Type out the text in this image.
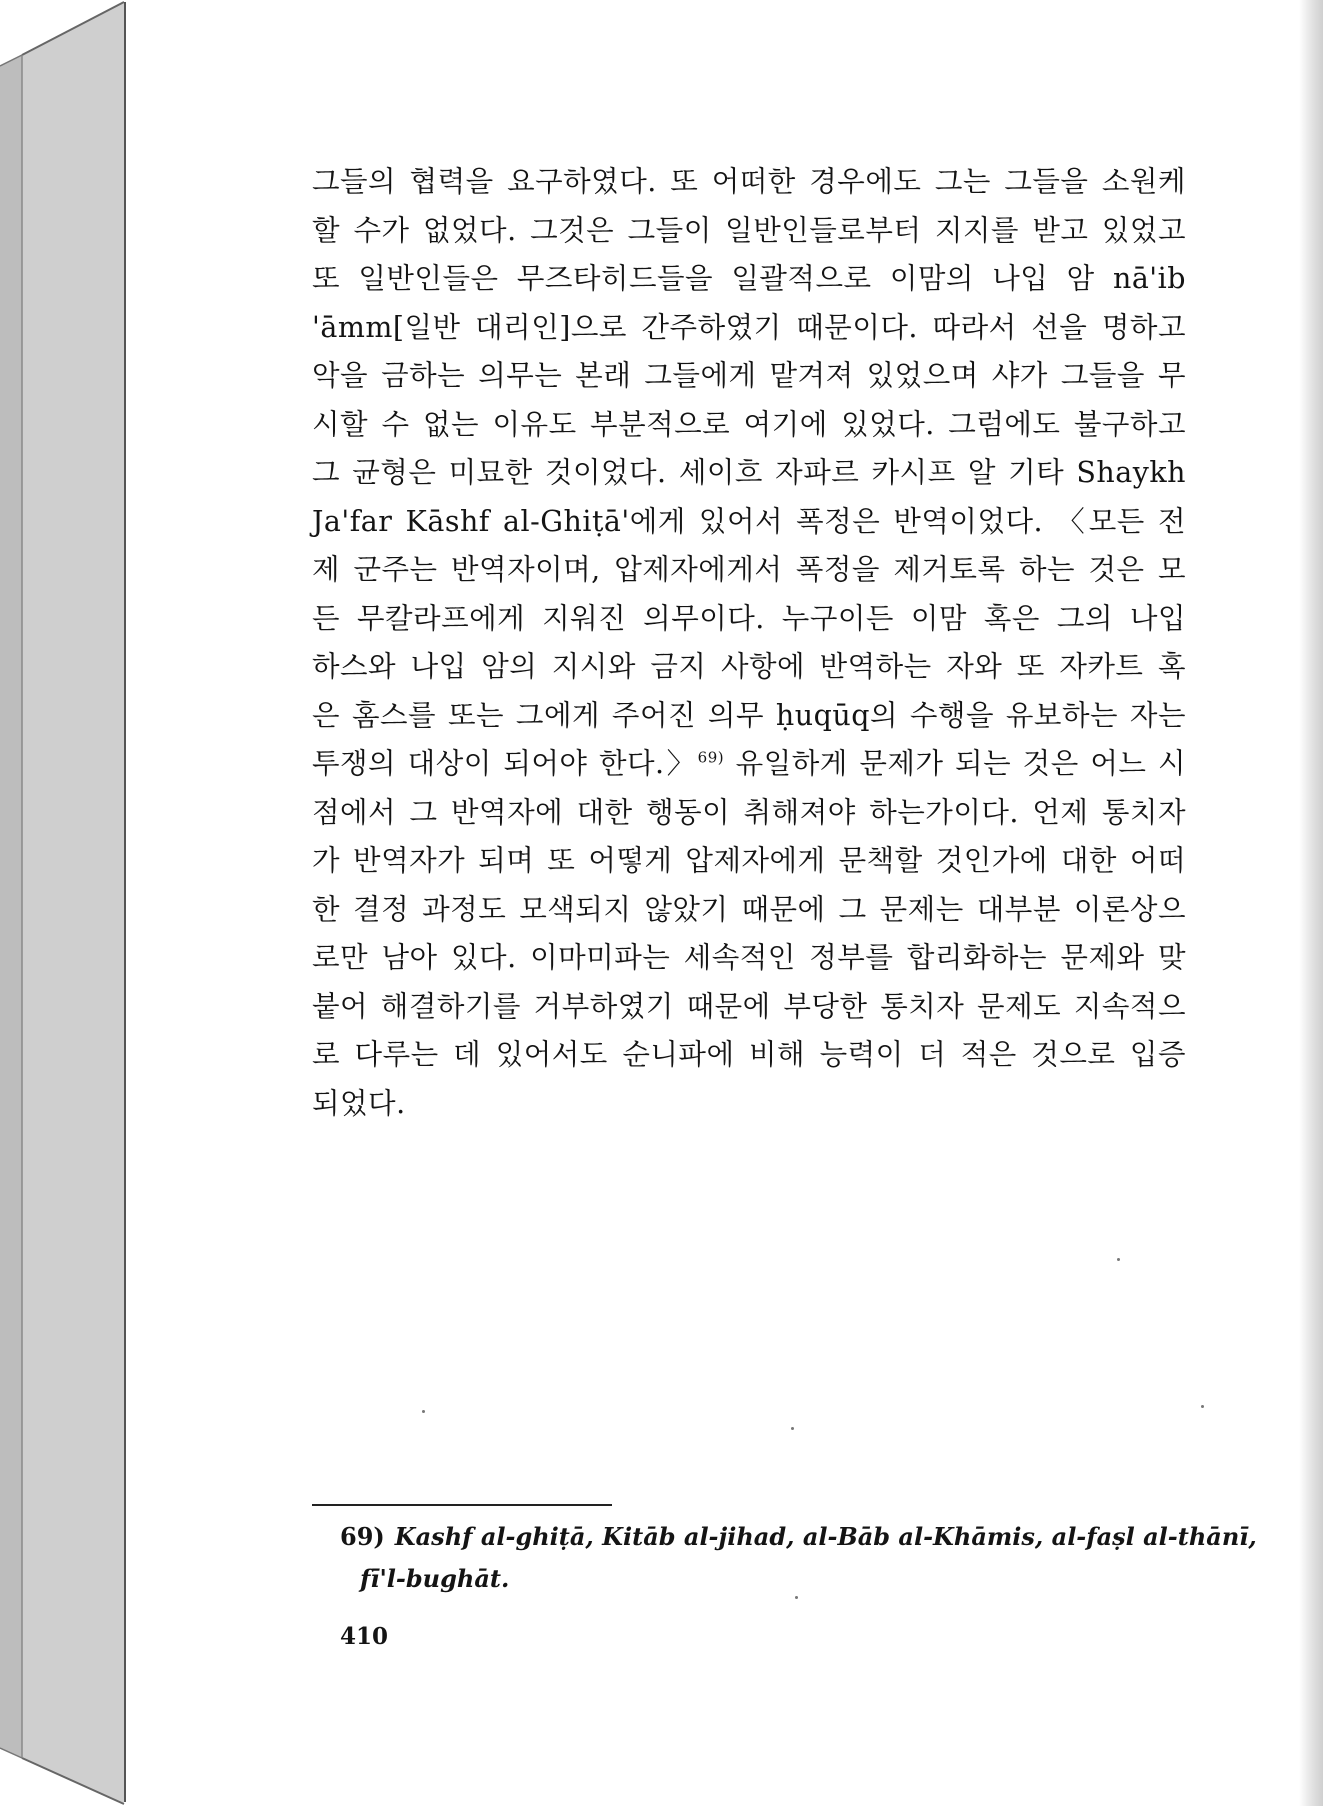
그들의 협력을 요구하였다. 또 어떠한 경우에도 그는 그들을 소원케
할 수가 없었다. 그것은 그들이 일반인들로부터 지지를 받고 있었고
또 일반인들은 무즈타히드들을 일괄적으로 이맘의 나입 암 nā'ib
'āmm[일반 대리인]으로 간주하였기 때문이다. 따라서 선을 명하고
악을 금하는 의무는 본래 그들에게 맡겨져 있었으며 샤가 그들을 무
시할 수 없는 이유도 부분적으로 여기에 있었다. 그럼에도 불구하고
그 균형은 미묘한 것이었다. 세이흐 자파르 카시프 알 기타 Shaykh
Ja'far Kāshf al-Ghiṭā'에게 있어서 폭정은 반역이었다. 〈모든 전
제 군주는 반역자이며, 압제자에게서 폭정을 제거토록 하는 것은 모
든 무칼라프에게 지워진 의무이다. 누구이든 이맘 혹은 그의 나입
하스와 나입 암의 지시와 금지 사항에 반역하는 자와 또 자카트 혹
은 홈스를 또는 그에게 주어진 의무 ḥuqūq의 수행을 유보하는 자는
투쟁의 대상이 되어야 한다.〉$^{69)}$ 유일하게 문제가 되는 것은 어느 시
점에서 그 반역자에 대한 행동이 취해져야 하는가이다. 언제 통치자
가 반역자가 되며 또 어떻게 압제자에게 문책할 것인가에 대한 어떠
한 결정 과정도 모색되지 않았기 때문에 그 문제는 대부분 이론상으
로만 남아 있다. 이마미파는 세속적인 정부를 합리화하는 문제와 맞
붙어 해결하기를 거부하였기 때문에 부당한 통치자 문제도 지속적으
로 다루는 데 있어서도 순니파에 비해 능력이 더 적은 것으로 입증
되었다.
69) Kashf al-ghiṭā, Kitāb al-jihad, al-Bāb al-Khāmis, al-faṣl al-thānī,
fī'l-bughāt.
410
